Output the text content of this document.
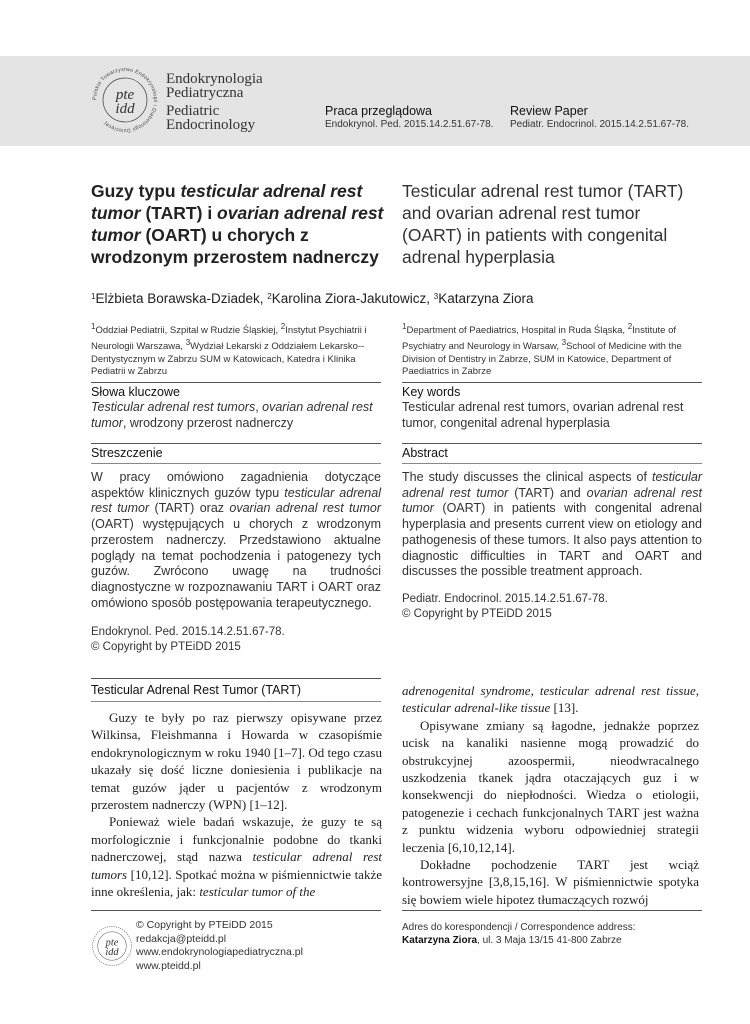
Polskie Towarzystwo Endokrynologii i Diabetologii Dziecięcej
pte
idd
Endokrynologia
Pediatryczna
Pediatric
Endocrinology
Praca przeglądowa
Endokrynol. Ped. 2015.14.2.51.67-78.
Review Paper
Pediatr. Endocrinol. 2015.14.2.51.67-78.
Guzy typu testicular adrenal rest tumor (TART) i ovarian adrenal rest tumor (OART) u chorych z wrodzonym przerostem nadnerczy
Testicular adrenal rest tumor (TART) and ovarian adrenal rest tumor (OART) in patients with congenital adrenal hyperplasia
$^1$Elżbieta Borawska-Dziadek, $^2$Karolina Ziora-Jakutowicz, $^3$Katarzyna Ziora
$^1$Oddział Pediatrii, Szpital w Rudzie Śląskiej, $^2$Instytut Psychiatrii i Neurologii Warszawa, $^3$Wydział Lekarski z Oddziałem Lekarsko--Dentystycznym w Zabrzu SUM w Katowicach, Katedra i Klinika Pediatrii w Zabrzu
$^1$Department of Paediatrics, Hospital in Ruda Śląska, $^2$Institute of Psychiatry and Neurology in Warsaw, $^3$School of Medicine with the Division of Dentistry in Zabrze, SUM in Katowice, Department of Paediatrics in Zabrze
Słowa kluczowe	Key words
Testicular adrenal rest tumors, ovarian adrenal rest tumor, wrodzony przerost nadnerczy
Testicular adrenal rest tumors, ovarian adrenal rest tumor, congenital adrenal hyperplasia
Streszczenie	Abstract
W pracy omówiono zagadnienia dotyczące aspektów klinicznych guzów typu testicular adrenal rest tumor (TART) oraz ovarian adrenal rest tumor (OART) występujących u chorych z wrodzonym przerostem nadnerczy. Przedstawiono aktualne poglądy na temat pochodzenia i patogenezy tych guzów. Zwrócono uwagę na trudności diagnostyczne w rozpoznawaniu TART i OART oraz omówiono sposób postępowania terapeutycznego.
The study discusses the clinical aspects of testicular adrenal rest tumor (TART) and ovarian adrenal rest tumor (OART) in patients with congenital adrenal hyperplasia and presents current view on etiology and pathogenesis of these tumors. It also pays attention to diagnostic difficulties in TART and OART and discusses the possible treatment approach.
Endokrynol. Ped. 2015.14.2.51.67-78.
© Copyright by PTEiDD 2015
Pediatr. Endocrinol. 2015.14.2.51.67-78.
© Copyright by PTEiDD 2015
Testicular Adrenal Rest Tumor (TART)

Guzy te były po raz pierwszy opisywane przez Wilkinsa, Fleishmanna i Howarda w czasopiśmie endokrynologicznym w roku 1940 [1–7]. Od tego czasu ukazały się dość liczne doniesienia i publikacje na temat guzów jąder u pacjentów z wrodzonym przerostem nadnerczy (WPN) [1–12].

Ponieważ wiele badań wskazuje, że guzy te są morfologicznie i funkcjonalnie podobne do tkanki nadnerczowej, stąd nazwa testicular adrenal rest tumors [10,12]. Spotkać można w piśmiennictwie także inne określenia, jak: testicular tumor of the

adrenogenital syndrome, testicular adrenal rest tissue, testicular adrenal-like tissue [13].

Opisywane zmiany są łagodne, jednakże poprzez ucisk na kanaliki nasienne mogą prowadzić do obstrukcyjnej azoospermii, nieodwracalnego uszkodzenia tkanek jądra otaczających guz i w konsekwencji do niepłodności. Wiedza o etiologii, patogenezie i cechach funkcjonalnych TART jest ważna z punktu widzenia wyboru odpowiedniej strategii leczenia [6,10,12,14].

Dokładne pochodzenie TART jest wciąż kontrowersyjne [3,8,15,16]. W piśmiennictwie spotyka się bowiem wiele hipotez tłumaczących rozwój

pte
idd
© Copyright by PTEiDD 2015
redakcja@pteidd.pl
www.endokrynologiapediatryczna.pl
www.pteidd.pl
Adres do korespondencji / Correspondence address:
Katarzyna Ziora, ul. 3 Maja 13/15 41-800 Zabrze
